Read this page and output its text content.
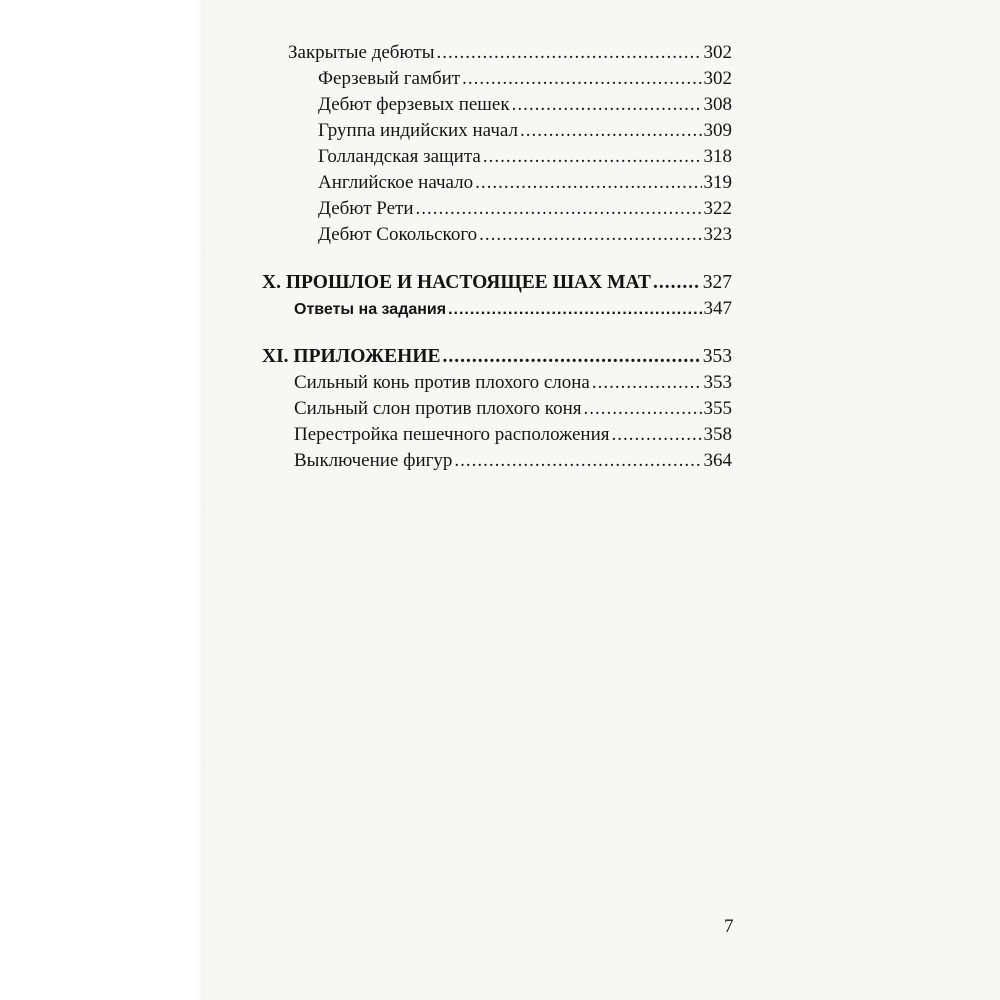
Закрытые дебюты .....	302
Ферзевый гамбит .....	302
Дебют ферзевых пешек .....	308
Группа индийских начал .....	309
Голландская защита .....	318
Английское начало .....	319
Дебют Рети .....	322
Дебют Сокольского .....	323
X. ПРОШЛОЕ И НАСТОЯЩЕЕ ШАХ МАТ .....	327
Ответы на задания .....	347
XI. ПРИЛОЖЕНИЕ .....	353
Сильный конь против плохого слона .....	353
Сильный слон против плохого коня .....	355
Перестройка пешечного расположения .....	358
Выключение фигур .....	364
7
